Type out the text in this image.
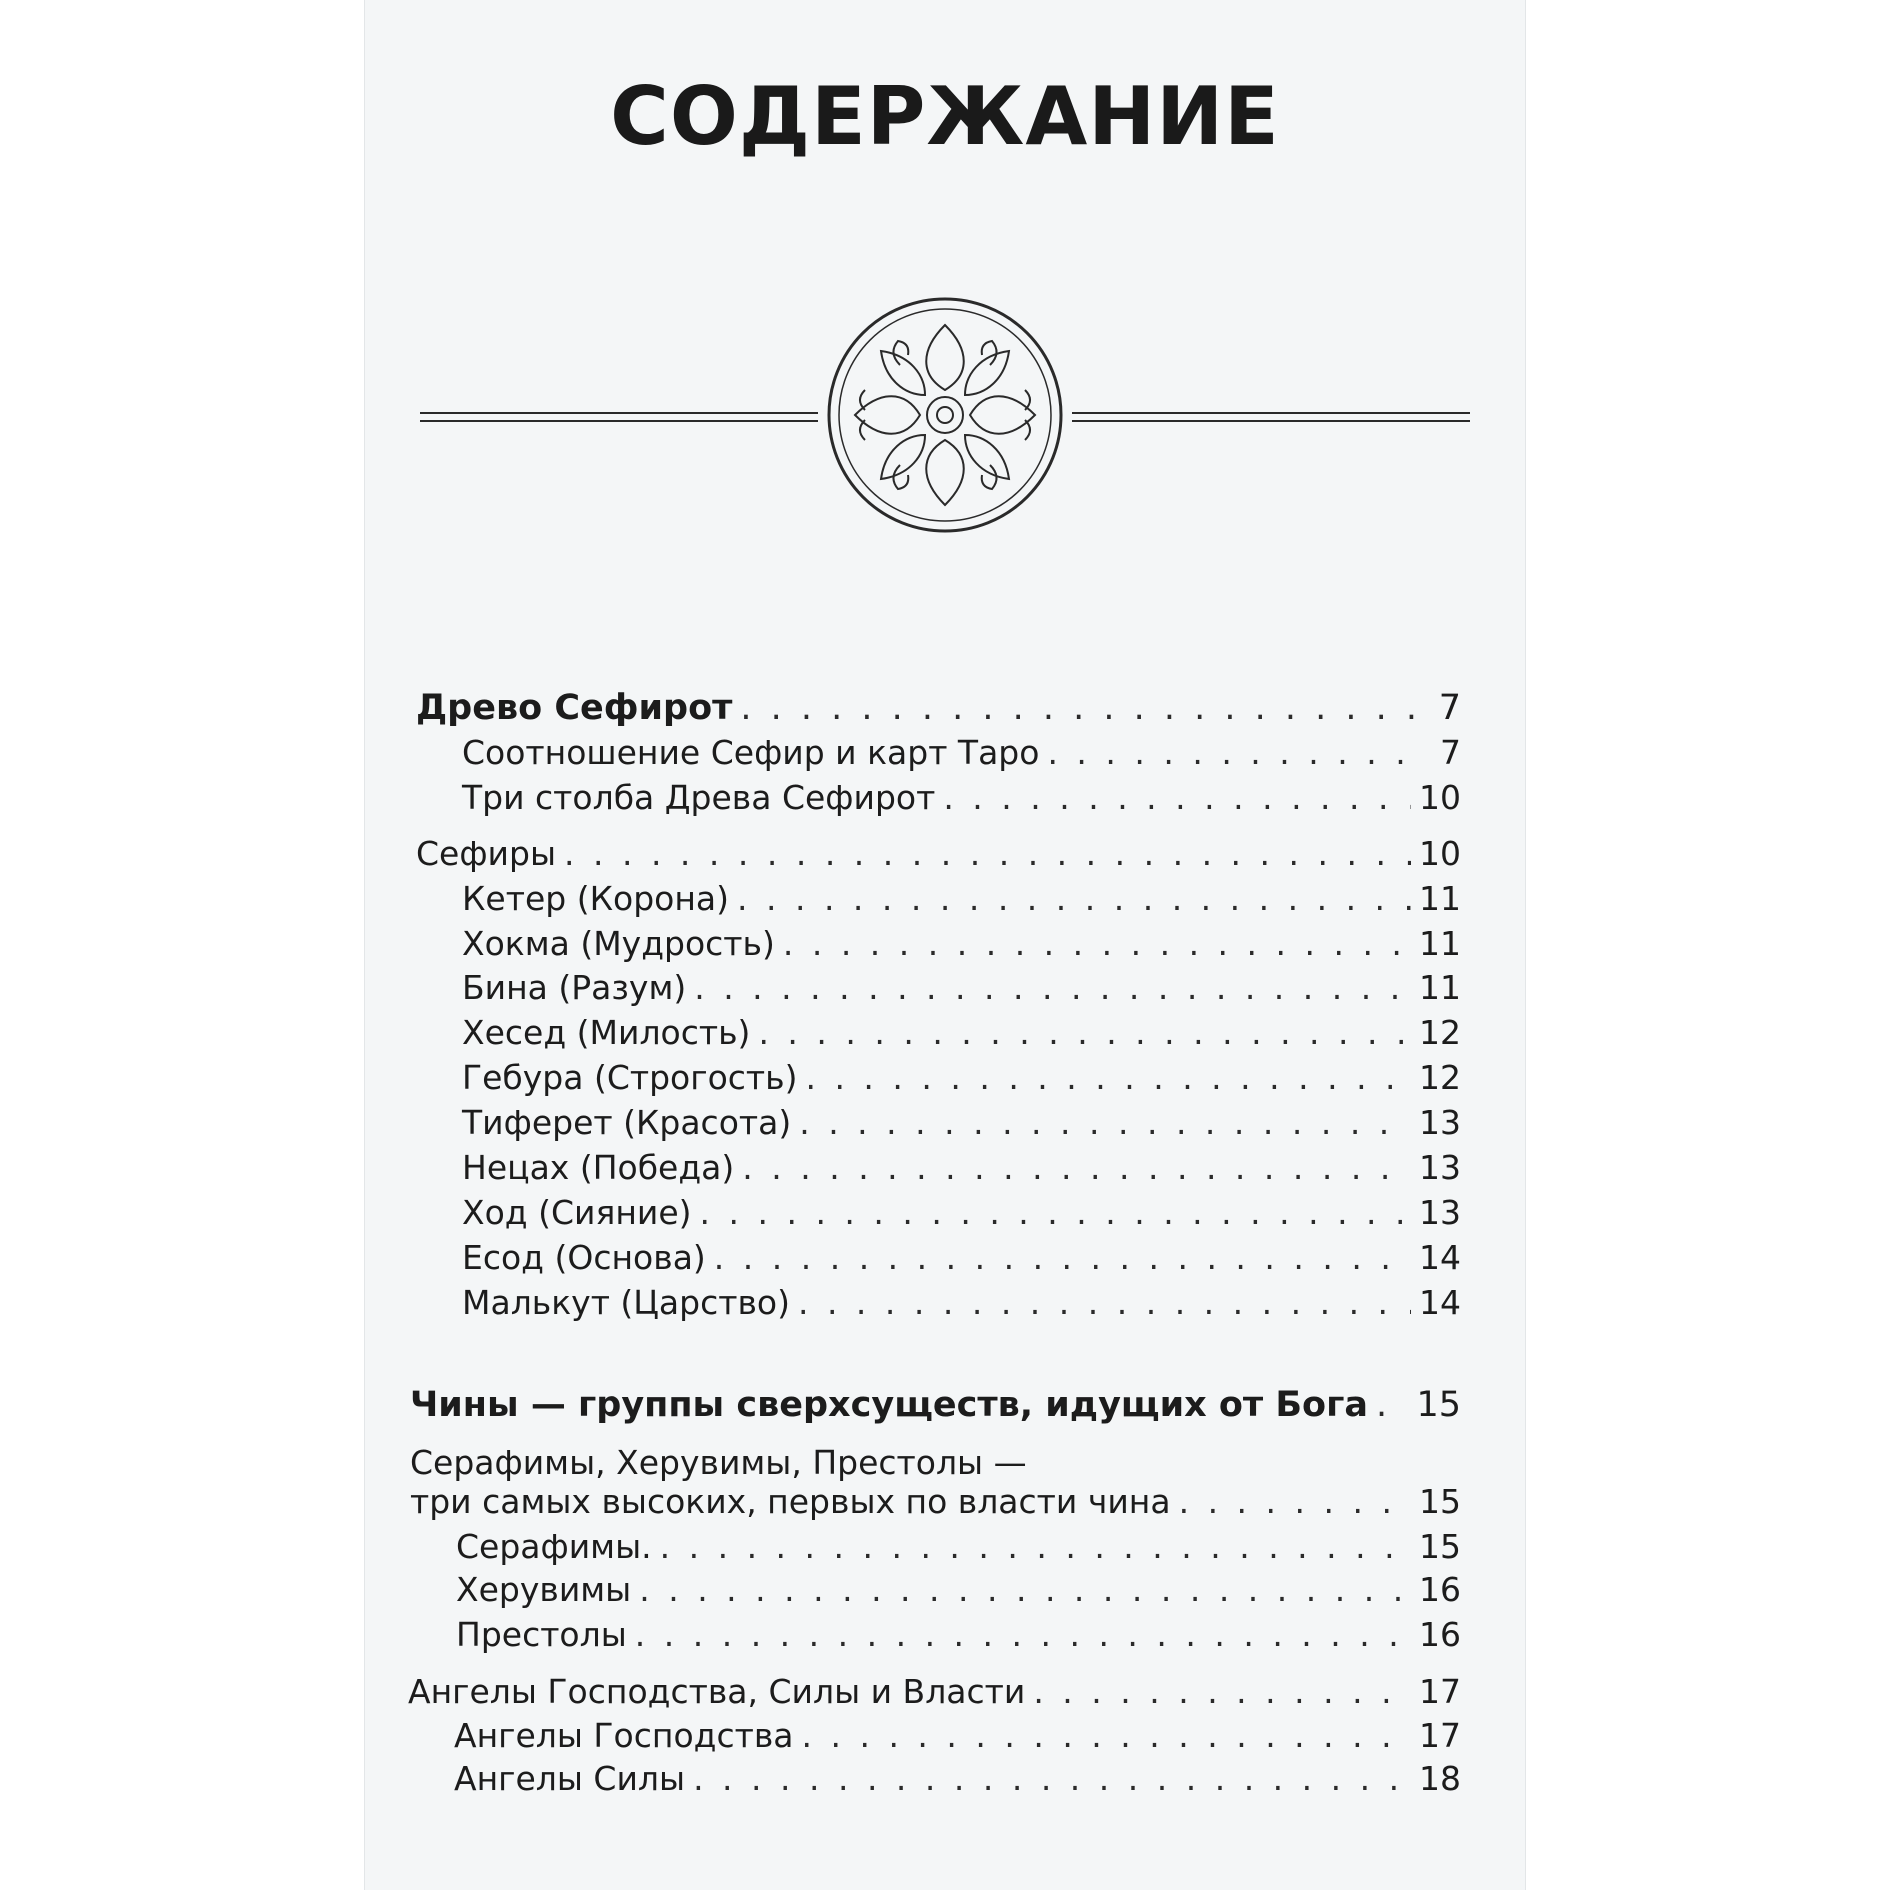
СОДЕРЖАНИЕ
Древо Сефирот . . .	7
Соотношение Сефир и карт Таро . . .	7
Три столба Древа Сефирот . . .	10
Сефиры . . .	10
Кетер (Корона) . . .	11
Хокма (Мудрость) . . .	11
Бина (Разум) . . .	11
Хесед (Милость) . . .	12
Гебура (Строгость) . . .	12
Тиферет (Красота) . . .	13
Нецах (Победа) . . .	13
Ход (Сияние) . . .	13
Есод (Основа) . . .	14
Малькут (Царство) . . .	14
Чины — группы сверхсуществ, идущих от Бога . . . 15
Серафимы, Херувимы, Престолы —
три самых высоких, первых по власти чина . . .	15
Серафимы. . . .	15
Херувимы . . .	16
Престолы . . .	16
Ангелы Господства, Силы и Власти . . .	17
Ангелы Господства . . .	17
Ангелы Силы . . .	18
